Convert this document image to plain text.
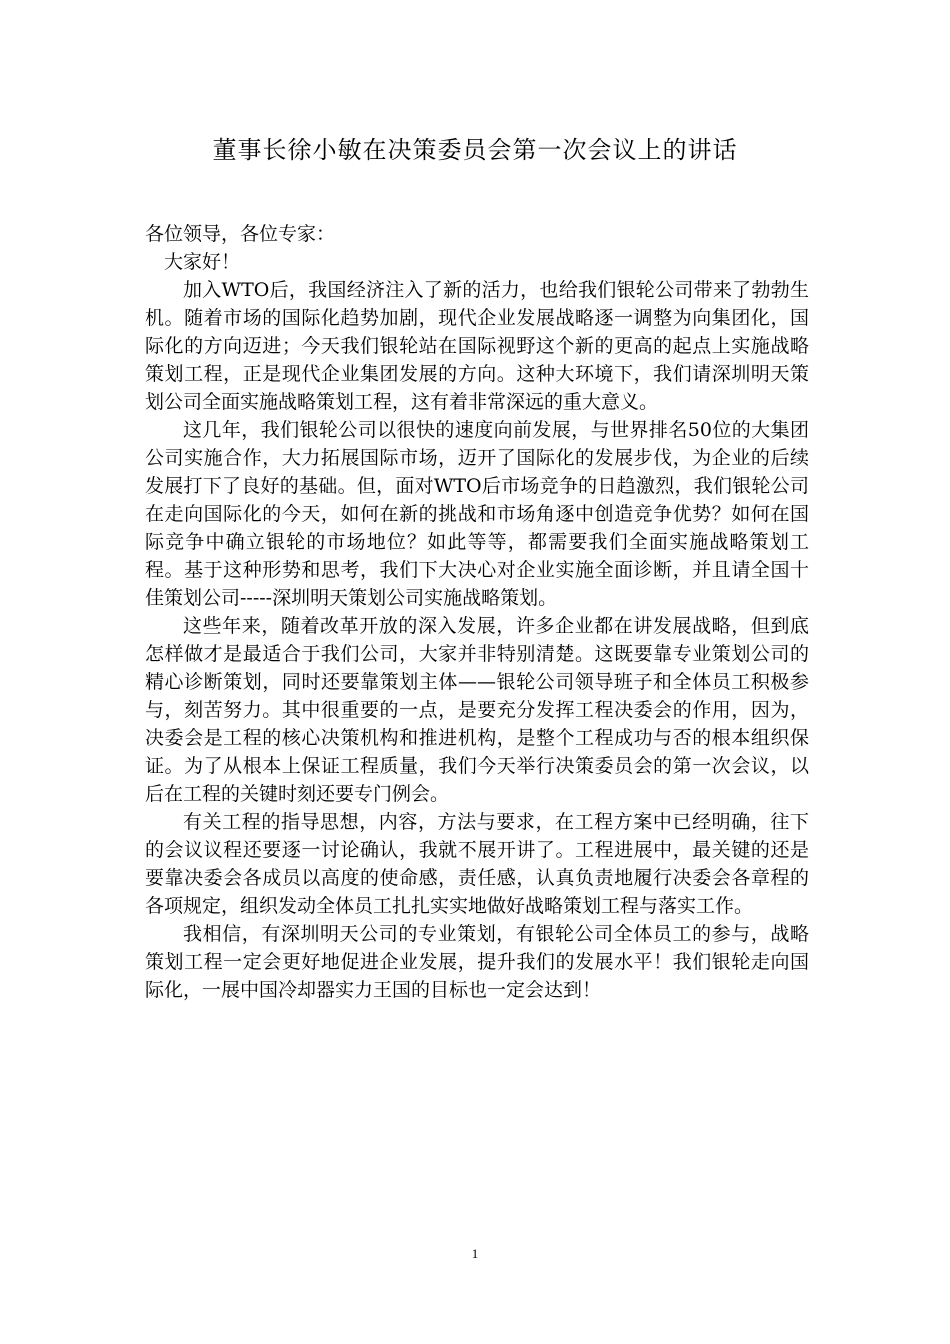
董事长徐小敏在决策委员会第一次会议上的讲话

各位领导，各位专家：

大家好！

加入WTO后，我国经济注入了新的活力，也给我们银轮公司带来了勃勃生机。随着市场的国际化趋势加剧，现代企业发展战略逐一调整为向集团化，国际化的方向迈进；今天我们银轮站在国际视野这个新的更高的起点上实施战略策划工程，正是现代企业集团发展的方向。这种大环境下，我们请深圳明天策划公司全面实施战略策划工程，这有着非常深远的重大意义。

这几年，我们银轮公司以很快的速度向前发展，与世界排名50位的大集团公司实施合作，大力拓展国际市场，迈开了国际化的发展步伐，为企业的后续发展打下了良好的基础。但，面对WTO后市场竞争的日趋激烈，我们银轮公司在走向国际化的今天，如何在新的挑战和市场角逐中创造竞争优势？如何在国际竞争中确立银轮的市场地位？如此等等，都需要我们全面实施战略策划工程。基于这种形势和思考，我们下大决心对企业实施全面诊断，并且请全国十佳策划公司-----深圳明天策划公司实施战略策划。

这些年来，随着改革开放的深入发展，许多企业都在讲发展战略，但到底怎样做才是最适合于我们公司，大家并非特别清楚。这既要靠专业策划公司的精心诊断策划，同时还要靠策划主体——银轮公司领导班子和全体员工积极参与，刻苦努力。其中很重要的一点，是要充分发挥工程决委会的作用，因为，决委会是工程的核心决策机构和推进机构，是整个工程成功与否的根本组织保证。为了从根本上保证工程质量，我们今天举行决策委员会的第一次会议，以后在工程的关键时刻还要专门例会。

有关工程的指导思想，内容，方法与要求，在工程方案中已经明确，往下的会议议程还要逐一讨论确认，我就不展开讲了。工程进展中，最关键的还是要靠决委会各成员以高度的使命感，责任感，认真负责地履行决委会各章程的各项规定，组织发动全体员工扎扎实实地做好战略策划工程与落实工作。

我相信，有深圳明天公司的专业策划，有银轮公司全体员工的参与，战略策划工程一定会更好地促进企业发展，提升我们的发展水平！我们银轮走向国际化，一展中国冷却器实力王国的目标也一定会达到！

1
